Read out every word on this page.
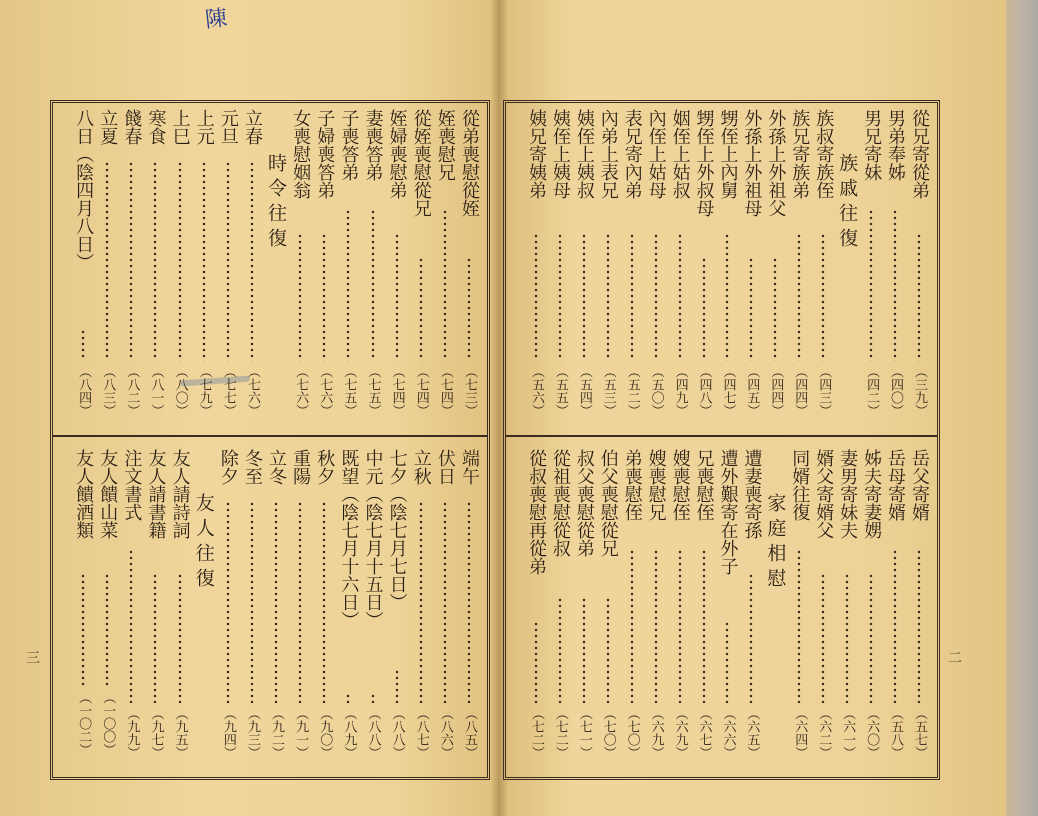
陳
三
從弟喪慰從姪
（七三）
姪喪慰兄
（七四）
從姪喪慰從兄
（七四）
姪婦喪慰弟
（七四）
妻喪答弟
（七五）
子喪答弟
（七五）
子婦喪答弟
（七六）
女喪慰姻翁
（七六）
時令往復
立春
（七六）
元旦
（七七）
上元
（七九）
上巳
（八〇）
寒食
（八一）
餞春
（八二）
立夏
（八三）
八日（陰四月八日）
（八四）
端午
（八五）
伏日
（八六）
立秋
（八七）
七夕（陰七月七日）
（八八）
中元（陰七月十五日）
（八八）
既望（陰七月十六日）
（八九）
秋夕
（九〇）
重陽
（九一）
立冬
（九二）
冬至
（九三）
除夕
（九四）
友人往復
友人請詩詞
（九五）
友人請書籍
（九七）
注文書式
（九九）
友人饋山菜
（一〇〇）
友人饋酒類
（一〇二）
二
從兄寄從弟
（三九）
男弟奉姊
（四〇）
男兄寄妹
（四二）
族戚往復
族叔寄族侄
（四三）
族兄寄族弟
（四四）
外孫上外祖父
（四四）
外孫上外祖母
（四五）
甥侄上內舅
（四七）
甥侄上外叔母
（四八）
姻侄上姑叔
（四九）
內侄上姑母
（五〇）
表兄寄內弟
（五二）
內弟上表兄
（五三）
姨侄上姨叔
（五四）
姨侄上姨母
（五五）
姨兄寄姨弟
（五六）
岳父寄婿
（五七）
岳母寄婿
（五八）
姊夫寄妻娚
（六〇）
妻男寄妹夫
（六一）
婿父寄婿父
（六二）
同婿往復
（六四）
家庭相慰
遭妻喪寄孫
（六五）
遭外艱寄在外子
（六六）
兄喪慰侄
（六七）
嫂喪慰侄
（六九）
嫂喪慰兄
（六九）
弟喪慰侄
（七〇）
伯父喪慰從兄
（七〇）
叔父喪慰從弟
（七一）
從祖喪慰從叔
（七二）
從叔喪慰再從弟
（七二）
